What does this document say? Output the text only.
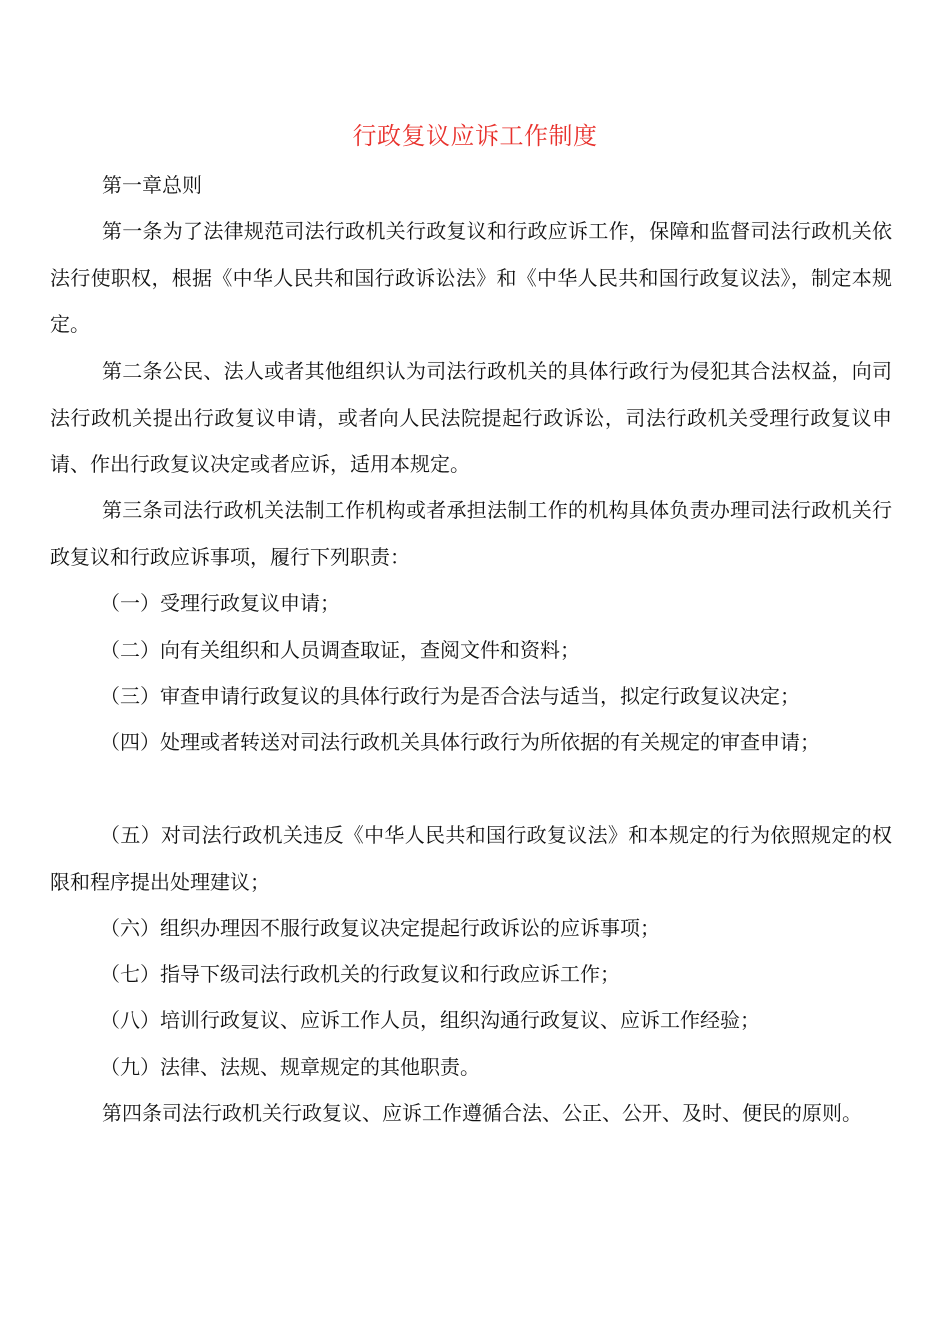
行政复议应诉工作制度

第一章总则

第一条为了法律规范司法行政机关行政复议和行政应诉工作，保障和监督司法行政机关依法行使职权，根据《中华人民共和国行政诉讼法》和《中华人民共和国行政复议法》，制定本规定。

第二条公民、法人或者其他组织认为司法行政机关的具体行政行为侵犯其合法权益，向司法行政机关提出行政复议申请，或者向人民法院提起行政诉讼，司法行政机关受理行政复议申请、作出行政复议决定或者应诉，适用本规定。

第三条司法行政机关法制工作机构或者承担法制工作的机构具体负责办理司法行政机关行政复议和行政应诉事项，履行下列职责：

（一）受理行政复议申请；

（二）向有关组织和人员调查取证，查阅文件和资料；

（三）审查申请行政复议的具体行政行为是否合法与适当，拟定行政复议决定；

（四）处理或者转送对司法行政机关具体行政行为所依据的有关规定的审查申请；

（五）对司法行政机关违反《中华人民共和国行政复议法》和本规定的行为依照规定的权限和程序提出处理建议；

（六）组织办理因不服行政复议决定提起行政诉讼的应诉事项；

（七）指导下级司法行政机关的行政复议和行政应诉工作；

（八）培训行政复议、应诉工作人员，组织沟通行政复议、应诉工作经验；

（九）法律、法规、规章规定的其他职责。

第四条司法行政机关行政复议、应诉工作遵循合法、公正、公开、及时、便民的原则。
